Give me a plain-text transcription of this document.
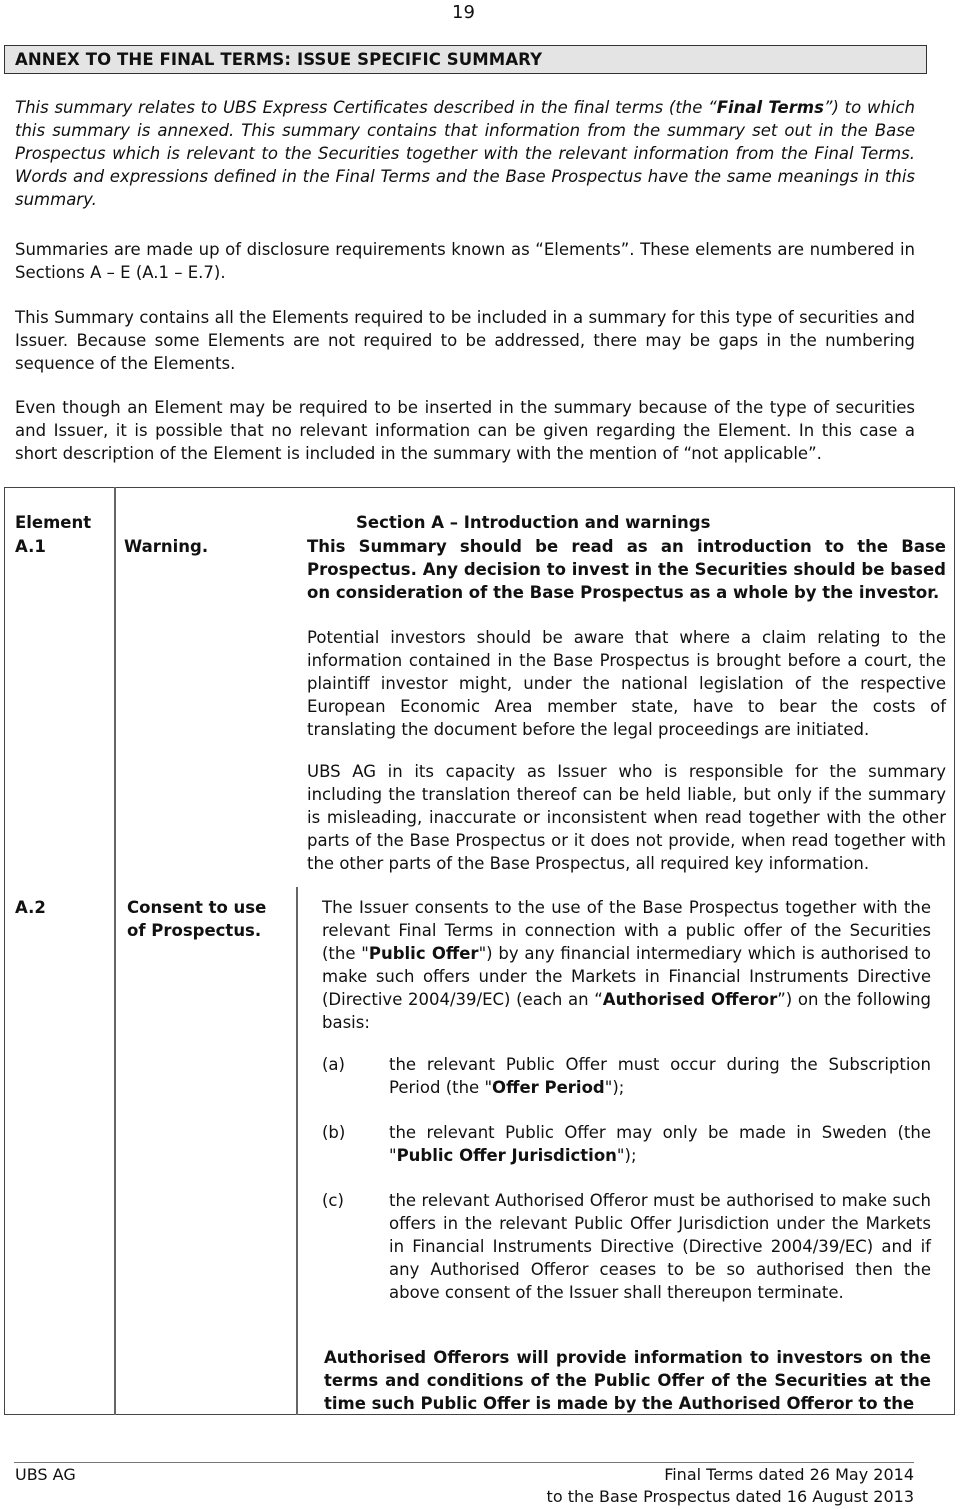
19
ANNEX TO THE FINAL TERMS: ISSUE SPECIFIC SUMMARY
This summary relates to UBS Express Certificates described in the final terms (the “Final Terms”) to which this summary is annexed. This summary contains that information from the summary set out in the Base Prospectus which is relevant to the Securities together with the relevant information from the Final Terms. Words and expressions defined in the Final Terms and the Base Prospectus have the same meanings in this summary.
Summaries are made up of disclosure requirements known as “Elements”. These elements are numbered in Sections A – E (A.1 – E.7).
This Summary contains all the Elements required to be included in a summary for this type of securities and Issuer. Because some Elements are not required to be addressed, there may be gaps in the numbering sequence of the Elements.
Even though an Element may be required to be inserted in the summary because of the type of securities and Issuer, it is possible that no relevant information can be given regarding the Element. In this case a short description of the Element is included in the summary with the mention of “not applicable”.
Element	Section A – Introduction and warnings
A.1	Warning.	This Summary should be read as an introduction to the Base Prospectus. Any decision to invest in the Securities should be based on consideration of the Base Prospectus as a whole by the investor.
Potential investors should be aware that where a claim relating to the information contained in the Base Prospectus is brought before a court, the plaintiff investor might, under the national legislation of the respective European Economic Area member state, have to bear the costs of translating the document before the legal proceedings are initiated.
UBS AG in its capacity as Issuer who is responsible for the summary including the translation thereof can be held liable, but only if the summary is misleading, inaccurate or inconsistent when read together with the other parts of the Base Prospectus or it does not provide, when read together with the other parts of the Base Prospectus, all required key information.
A.2	Consent to use of Prospectus.
The Issuer consents to the use of the Base Prospectus together with the relevant Final Terms in connection with a public offer of the Securities (the "Public Offer") by any financial intermediary which is authorised to make such offers under the Markets in Financial Instruments Directive (Directive 2004/39/EC) (each an “Authorised Offeror”) on the following basis:
(a)	the relevant Public Offer must occur during the Subscription Period (the "Offer Period");
(b)	the relevant Public Offer may only be made in Sweden (the "Public Offer Jurisdiction");
(c)	the relevant Authorised Offeror must be authorised to make such offers in the relevant Public Offer Jurisdiction under the Markets in Financial Instruments Directive (Directive 2004/39/EC) and if any Authorised Offeror ceases to be so authorised then the above consent of the Issuer shall thereupon terminate.
Authorised Offerors will provide information to investors on the terms and conditions of the Public Offer of the Securities at the time such Public Offer is made by the Authorised Offeror to the
UBS AG	Final Terms dated 26 May 2014
to the Base Prospectus dated 16 August 2013
